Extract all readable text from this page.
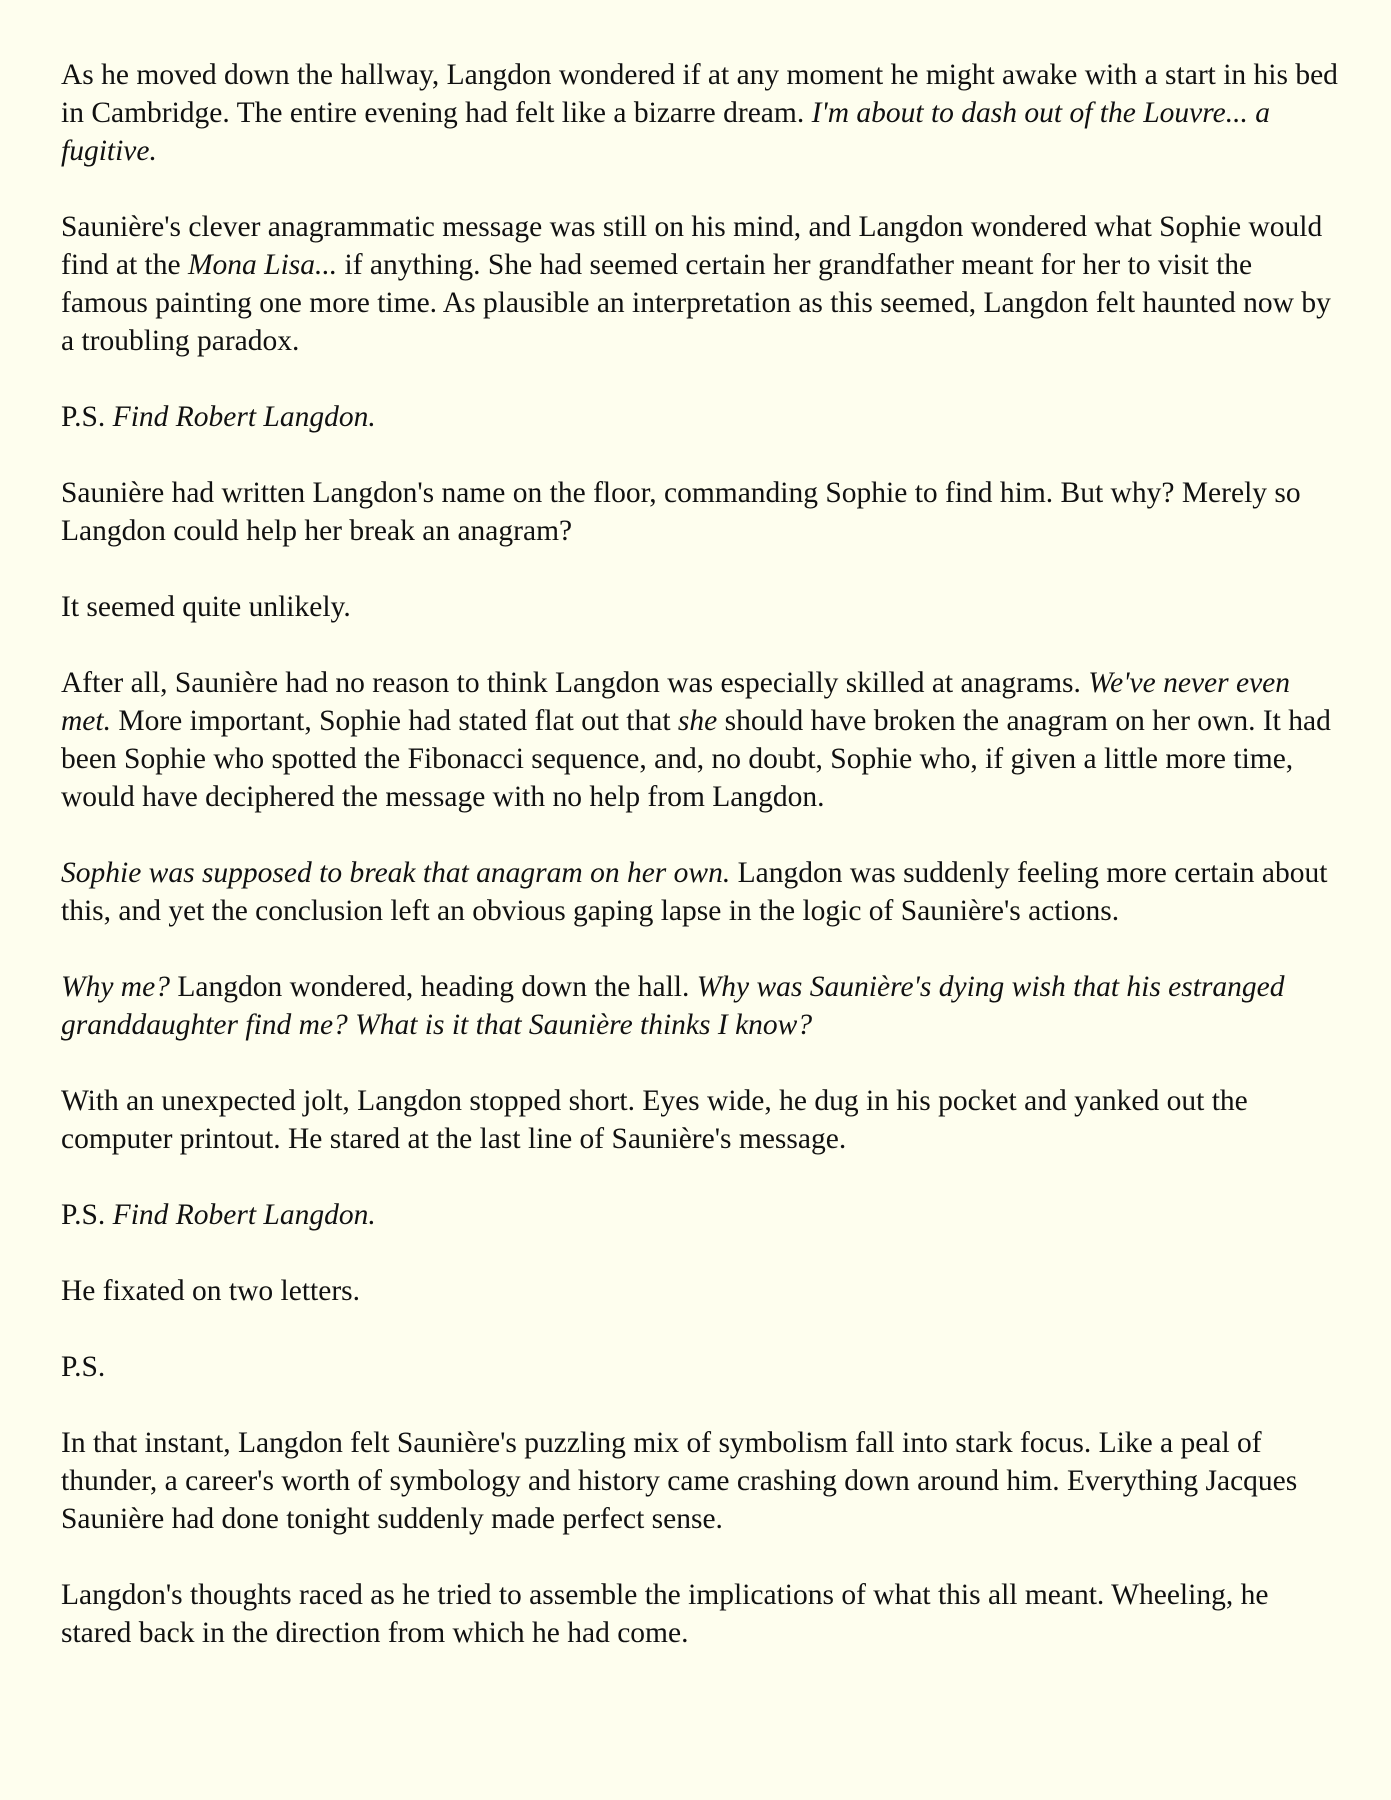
As he moved down the hallway, Langdon wondered if at any moment he might awake with a start in his bed in Cambridge. The entire evening had felt like a bizarre dream. I'm about to dash out of the Louvre... a fugitive.

Saunière's clever anagrammatic message was still on his mind, and Langdon wondered what Sophie would find at the Mona Lisa... if anything. She had seemed certain her grandfather meant for her to visit the famous painting one more time. As plausible an interpretation as this seemed, Langdon felt haunted now by a troubling paradox.

P.S. Find Robert Langdon.

Saunière had written Langdon's name on the floor, commanding Sophie to find him. But why? Merely so Langdon could help her break an anagram?

It seemed quite unlikely.

After all, Saunière had no reason to think Langdon was especially skilled at anagrams. We've never even met. More important, Sophie had stated flat out that she should have broken the anagram on her own. It had been Sophie who spotted the Fibonacci sequence, and, no doubt, Sophie who, if given a little more time, would have deciphered the message with no help from Langdon.

Sophie was supposed to break that anagram on her own. Langdon was suddenly feeling more certain about this, and yet the conclusion left an obvious gaping lapse in the logic of Saunière's actions.

Why me? Langdon wondered, heading down the hall. Why was Saunière's dying wish that his estranged granddaughter find me? What is it that Saunière thinks I know?

With an unexpected jolt, Langdon stopped short. Eyes wide, he dug in his pocket and yanked out the computer printout. He stared at the last line of Saunière's message.

P.S. Find Robert Langdon.

He fixated on two letters.

P.S.

In that instant, Langdon felt Saunière's puzzling mix of symbolism fall into stark focus. Like a peal of thunder, a career's worth of symbology and history came crashing down around him. Everything Jacques Saunière had done tonight suddenly made perfect sense.

Langdon's thoughts raced as he tried to assemble the implications of what this all meant. Wheeling, he stared back in the direction from which he had come.
